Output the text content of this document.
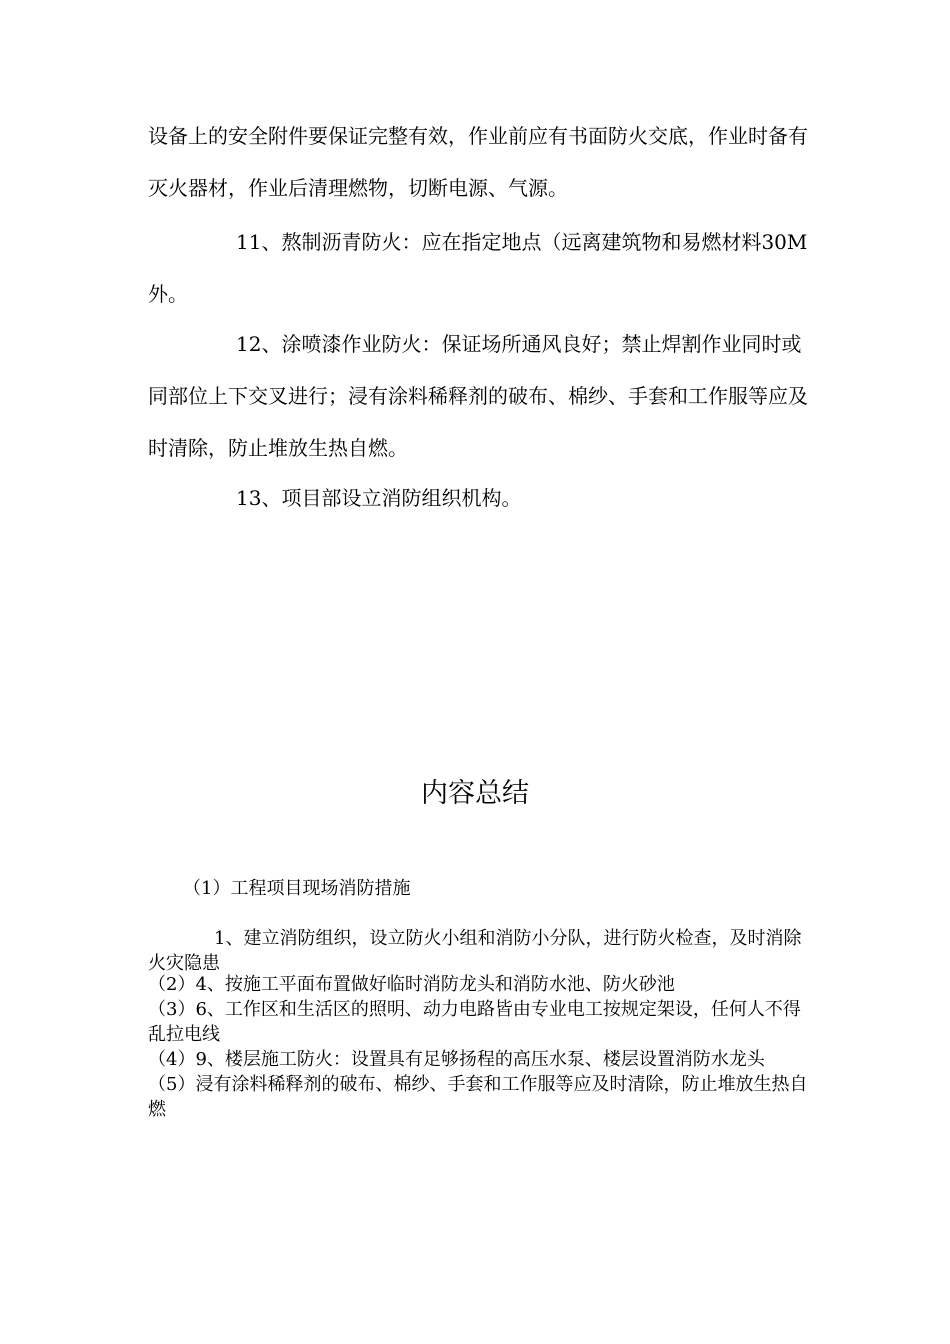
设备上的安全附件要保证完整有效，作业前应有书面防火交底，作业时备有灭火器材，作业后清理燃物，切断电源、气源。

11、熬制沥青防火：应在指定地点（远离建筑物和易燃材料30M外。

12、涂喷漆作业防火：保证场所通风良好；禁止焊割作业同时或同部位上下交叉进行；浸有涂料稀释剂的破布、棉纱、手套和工作服等应及时清除，防止堆放生热自燃。

13、项目部设立消防组织机构。

内容总结

（1）工程项目现场消防措施

1、建立消防组织，设立防火小组和消防小分队，进行防火检查，及时消除火灾隐患

（2）4、按施工平面布置做好临时消防龙头和消防水池、防火砂池
（3）6、工作区和生活区的照明、动力电路皆由专业电工按规定架设，任何人不得乱拉电线
（4）9、楼层施工防火：设置具有足够扬程的高压水泵、楼层设置消防水龙头
（5）浸有涂料稀释剂的破布、棉纱、手套和工作服等应及时清除，防止堆放生热自燃
